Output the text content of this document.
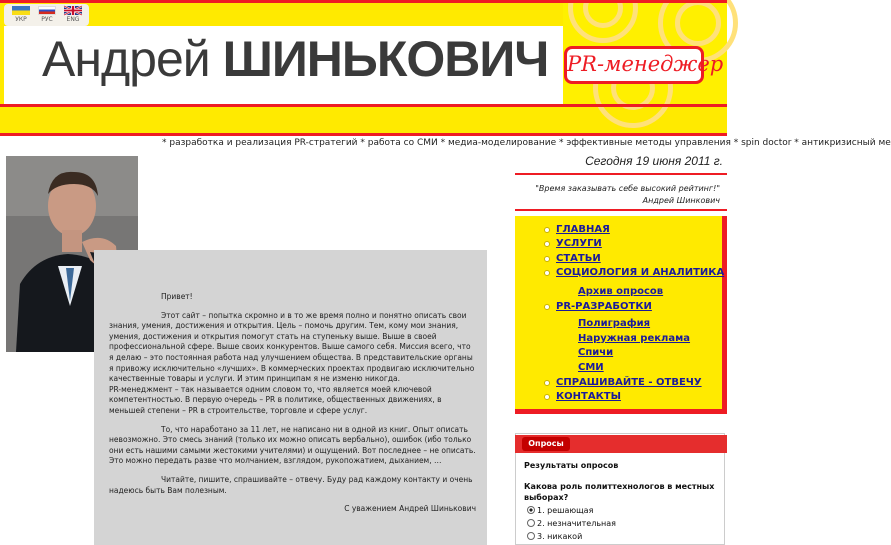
Андрей ШИНЬКОВИЧ PR-менеджер
УКР	РУС	ENG
* разработка и реализация PR-стратегий * работа со СМИ * медиа-моделирование * эффективные методы управления * spin doctor * антикризисный ме

Привет!

Этот сайт – попытка скромно и в то же время полно и понятно описать свои знания, умения, достижения и открытия. Цель – помочь другим. Тем, кому мои знания, умения, достижения и открытия помогут стать на ступеньку выше. Выше в своей профессиональной сфере. Выше своих конкурентов. Выше самого себя. Миссия всего, что я делаю – это постоянная работа над улучшением общества. В представительские органы я привожу исключительно «лучших». В коммерческих проектах продвигаю исключительно качественные товары и услуги. И этим принципам я не изменю никогда.

PR-менеджмент – так называется одним словом то, что является моей ключевой компетентностью. В первую очередь – PR в политике, общественных движениях, в меньшей степени – PR в строительстве, торговле и сфере услуг.

То, что наработано за 11 лет, не написано ни в одной из книг. Опыт описать невозможно. Это смесь знаний (только их можно описать вербально), ошибок (ибо только они есть нашими самыми жестокими учителями) и ощущений. Вот последнее – не описать. Это можно передать разве что молчанием, взглядом, рукопожатием, дыханием, …

Читайте, пишите, спрашивайте – отвечу. Буду рад каждому контакту и очень надеюсь быть Вам полезным.

С уважением Андрей Шинькович

Сегодня 19 июня 2011 г.
"Время заказывать себе высокий рейтинг!"
Андрей Шинкович
ГЛАВНАЯ
УСЛУГИ
СТАТЬИ
СОЦИОЛОГИЯ И АНАЛИТИКА
Архив опросов
PR-РАЗРАБОТКИ
Полиграфия
Наружная реклама
Спичи
СМИ
СПРАШИВАЙТЕ - ОТВЕЧУ
КОНТАКТЫ
Опросы
Результаты опросов
Какова роль политтехнологов в местных выборах?
1. решающая
2. незначительная
3. никакой
